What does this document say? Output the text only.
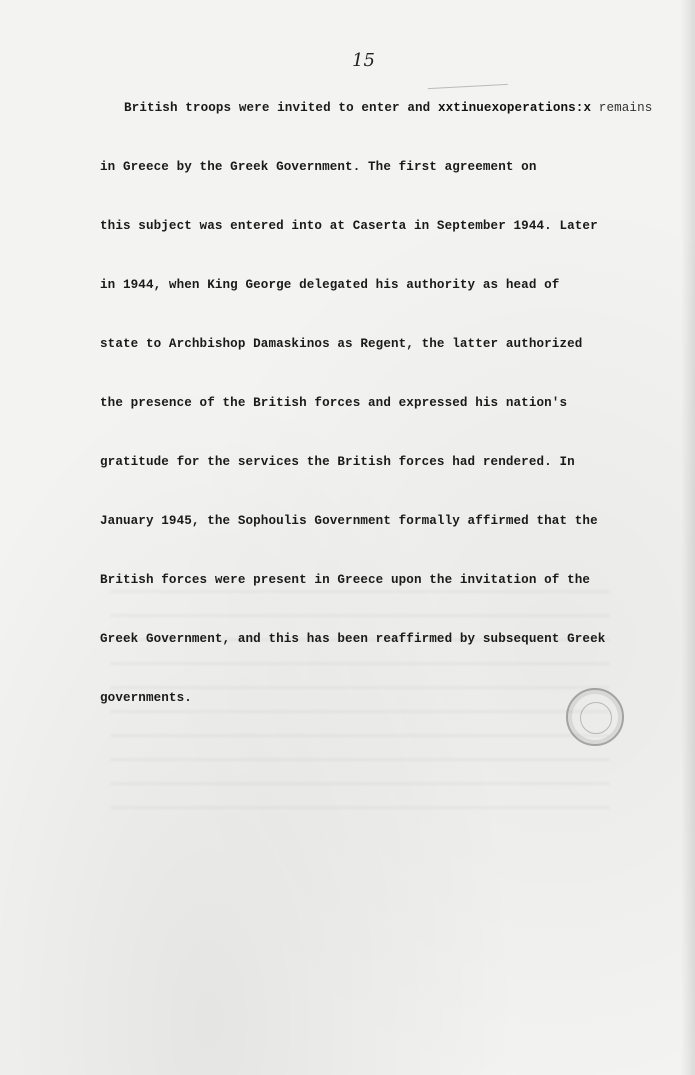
15
British troops were invited to enter and xxtinuexoperations:x remains
in Greece by the Greek Government. The first agreement on
this subject was entered into at Caserta in September 1944. Later
in 1944, when King George delegated his authority as head of
state to Archbishop Damaskinos as Regent, the latter authorized
the presence of the British forces and expressed his nation's
gratitude for the services the British forces had rendered. In
January 1945, the Sophoulis Government formally affirmed that the
British forces were present in Greece upon the invitation of the
Greek Government, and this has been reaffirmed by subsequent Greek
governments.
